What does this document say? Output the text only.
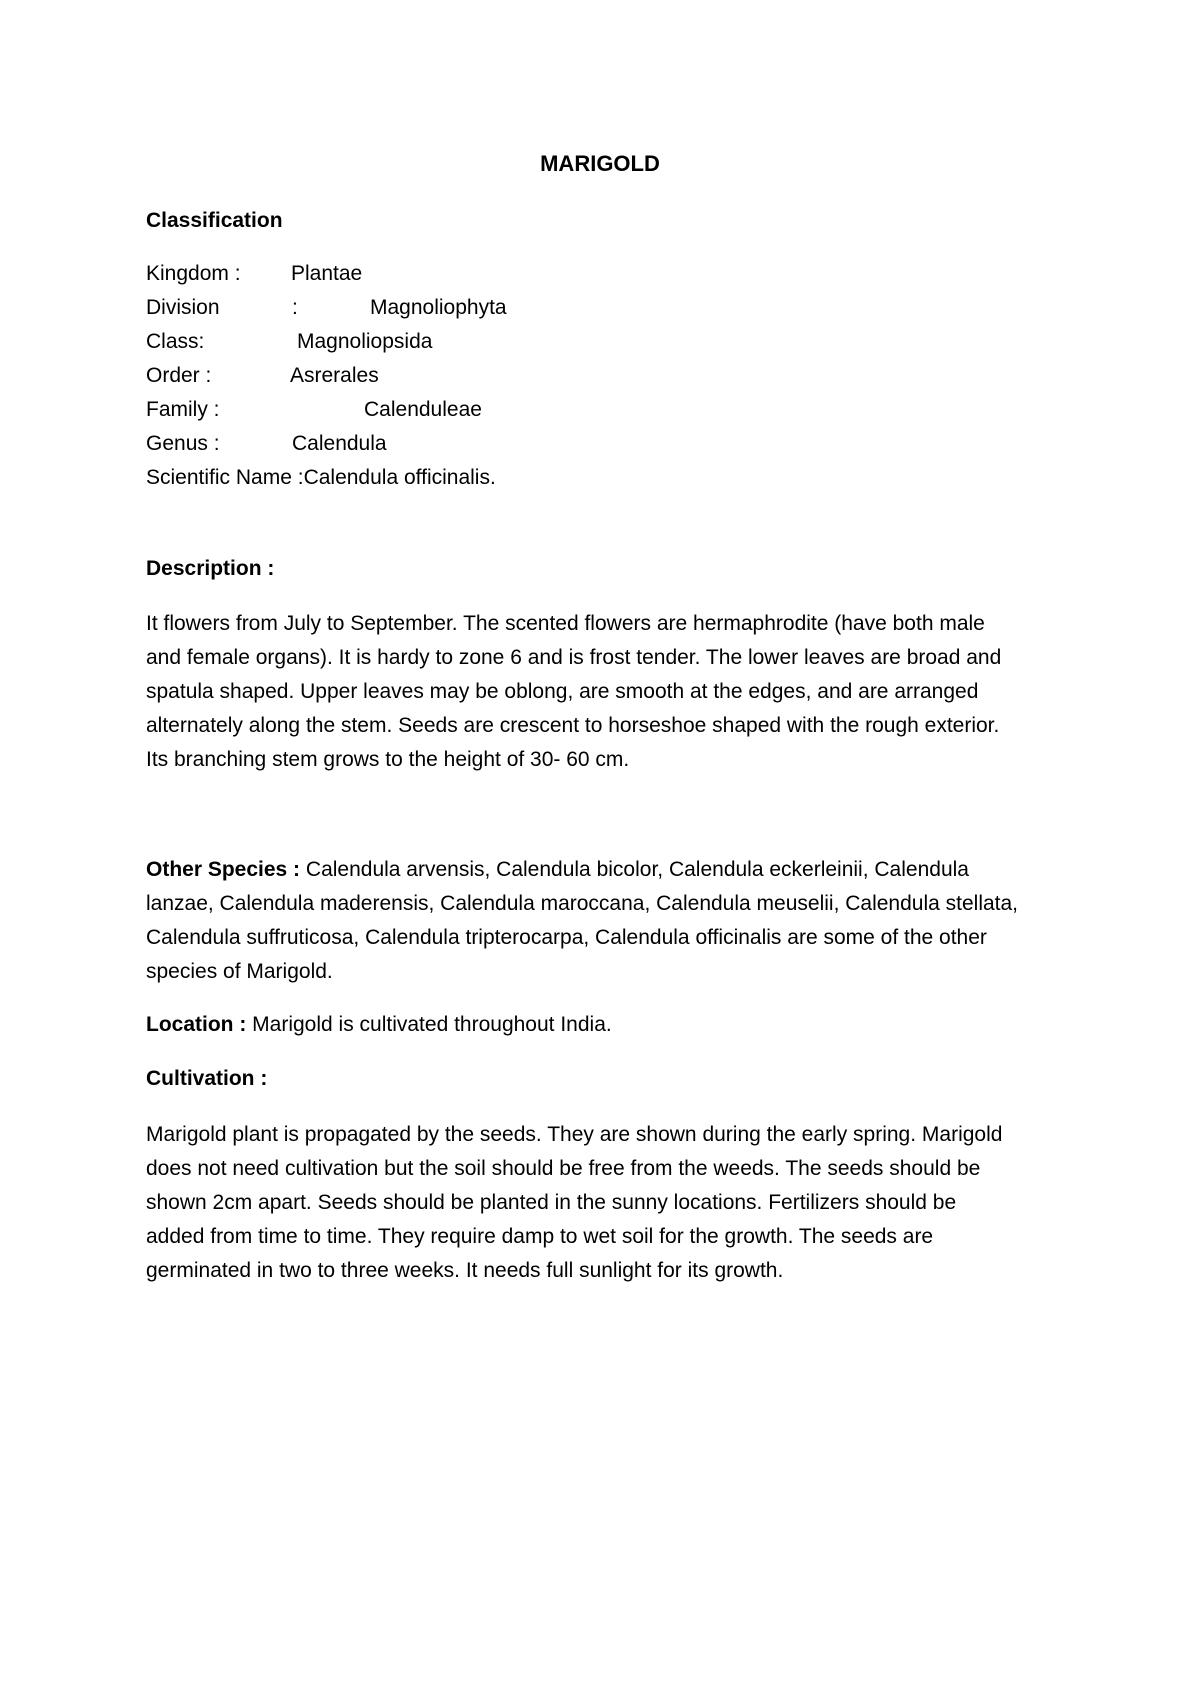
MARIGOLD
Classification
Kingdom : Plantae
Division	:	Magnoliophyta
Class:	Magnoliopsida
Order :	Asrerales
Family :	Calenduleae
Genus :	Calendula
Scientific Name :Calendula officinalis.
Description :
It flowers from July to September. The scented flowers are hermaphrodite (have both male
and female organs). It is hardy to zone 6 and is frost tender. The lower leaves are broad and
spatula shaped. Upper leaves may be oblong, are smooth at the edges, and are arranged
alternately along the stem. Seeds are crescent to horseshoe shaped with the rough exterior.
Its branching stem grows to the height of 30- 60 cm.
Other Species : Calendula arvensis, Calendula bicolor, Calendula eckerleinii, Calendula
lanzae, Calendula maderensis, Calendula maroccana, Calendula meuselii, Calendula stellata,
Calendula suffruticosa, Calendula tripterocarpa, Calendula officinalis are some of the other
species of Marigold.
Location : Marigold is cultivated throughout India.
Cultivation :
Marigold plant is propagated by the seeds. They are shown during the early spring. Marigold
does not need cultivation but the soil should be free from the weeds. The seeds should be
shown 2cm apart. Seeds should be planted in the sunny locations. Fertilizers should be
added from time to time. They require damp to wet soil for the growth. The seeds are
germinated in two to three weeks. It needs full sunlight for its growth.
